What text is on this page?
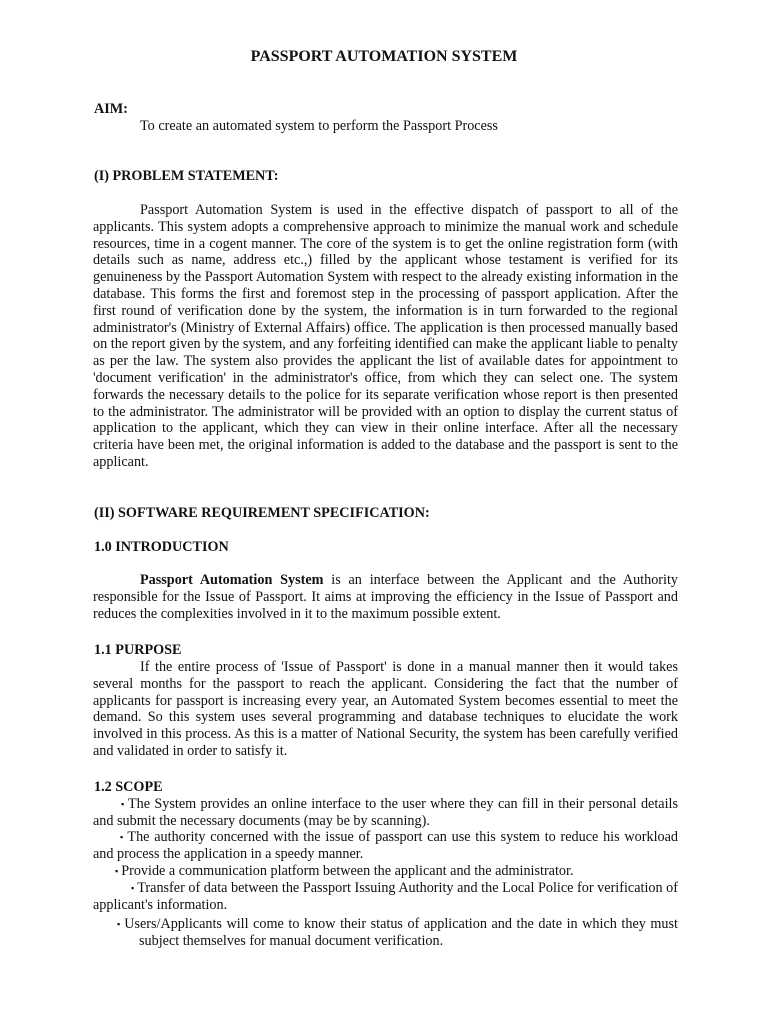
PASSPORT AUTOMATION SYSTEM
AIM:
To create an automated system to perform the Passport Process
(I) PROBLEM STATEMENT:
Passport Automation System is used in the effective dispatch of passport to all of the applicants. This system adopts a comprehensive approach to minimize the manual work and schedule resources, time in a cogent manner. The core of the system is to get the online registration form (with details such as name, address etc.,) filled by the applicant whose testament is verified for its genuineness by the Passport Automation System with respect to the already existing information in the database. This forms the first and foremost step in the processing of passport application. After the first round of verification done by the system, the information is in turn forwarded to the regional administrator's (Ministry of External Affairs) office. The application is then processed manually based on the report given by the system, and any forfeiting identified can make the applicant liable to penalty as per the law. The system also provides the applicant the list of available dates for appointment to 'document verification' in the administrator's office, from which they can select one. The system forwards the necessary details to the police for its separate verification whose report is then presented to the administrator. The administrator will be provided with an option to display the current status of application to the applicant, which they can view in their online interface. After all the necessary criteria have been met, the original information is added to the database and the passport is sent to the applicant.
(II) SOFTWARE REQUIREMENT SPECIFICATION:
1.0 INTRODUCTION
Passport Automation System is an interface between the Applicant and the Authority responsible for the Issue of Passport. It aims at improving the efficiency in the Issue of Passport and reduces the complexities involved in it to the maximum possible extent.
1.1 PURPOSE
If the entire process of 'Issue of Passport' is done in a manual manner then it would takes several months for the passport to reach the applicant. Considering the fact that the number of applicants for passport is increasing every year, an Automated System becomes essential to meet the demand. So this system uses several programming and database techniques to elucidate the work involved in this process. As this is a matter of National Security, the system has been carefully verified and validated in order to satisfy it.
1.2 SCOPE
▪ The System provides an online interface to the user where they can fill in their personal details and submit the necessary documents (may be by scanning).
▪ The authority concerned with the issue of passport can use this system to reduce his workload and process the application in a speedy manner.
▪ Provide a communication platform between the applicant and the administrator.
▪ Transfer of data between the Passport Issuing Authority and the Local Police for verification of applicant's information.
▪ Users/Applicants will come to know their status of application and the date in which they must subject themselves for manual document verification.
